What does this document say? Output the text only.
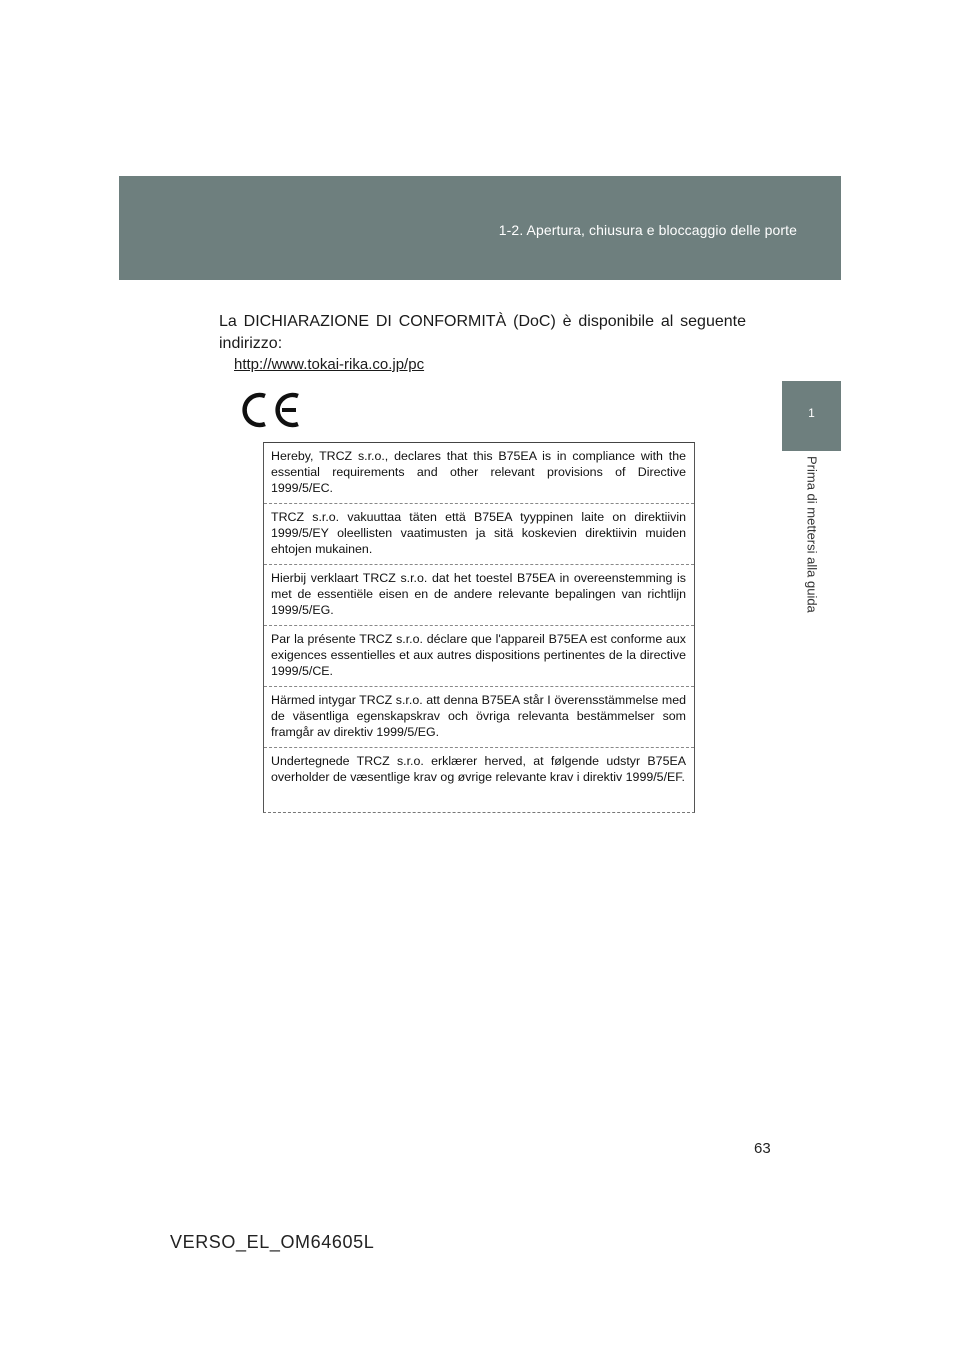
1-2. Apertura, chiusura e bloccaggio delle porte
1
Prima di mettersi alla guida
La DICHIARAZIONE DI CONFORMITÀ (DoC) è disponibile al seguente indirizzo:
http://www.tokai-rika.co.jp/pc
Hereby, TRCZ s.r.o., declares that this B75EA is in compliance with the essential requirements and other relevant provisions of Directive 1999/5/EC.
TRCZ s.r.o. vakuuttaa täten että B75EA tyyppinen laite on direktiivin 1999/5/EY oleellisten vaatimusten ja sitä koskevien direktiivin muiden ehtojen mukainen.
Hierbij verklaart TRCZ s.r.o. dat het toestel B75EA in overeenstemming is met de essentiële eisen en de andere relevante bepalingen van richtlijn 1999/5/EG.
Par la présente TRCZ s.r.o. déclare que l'appareil B75EA est conforme aux exigences essentielles et aux autres dispositions pertinentes de la directive 1999/5/CE.
Härmed intygar TRCZ s.r.o. att denna B75EA står I överensstämmelse med de väsentliga egenskapskrav och övriga relevanta bestämmelser som framgår av direktiv 1999/5/EG.
Undertegnede TRCZ s.r.o. erklærer herved, at følgende udstyr B75EA overholder de væsentlige krav og øvrige relevante krav i direktiv 1999/5/EF.
63
VERSO_EL_OM64605L
